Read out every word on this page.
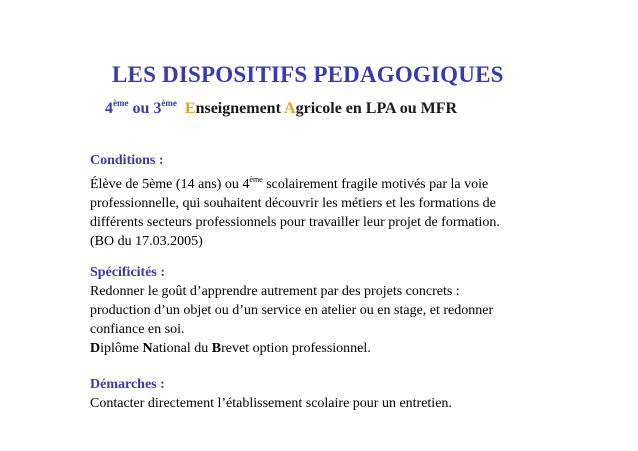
LES DISPOSITIFS PEDAGOGIQUES
4ème ou 3ème Enseignement Agricole en LPA ou MFR

Conditions :

Élève de 5ème (14 ans) ou 4ème scolairement fragile motivés par la voie

professionnelle, qui souhaitent découvrir les métiers et les formations de

différents secteurs professionnels pour travailler leur projet de formation.

(BO du 17.03.2005)

Spécificités :

Redonner le goût d’apprendre autrement par des projets concrets :

production d’un objet ou d’un service en atelier ou en stage, et redonner

confiance en soi.

Diplôme National du Brevet option professionnel.

Démarches :

Contacter directement l’établissement scolaire pour un entretien.
